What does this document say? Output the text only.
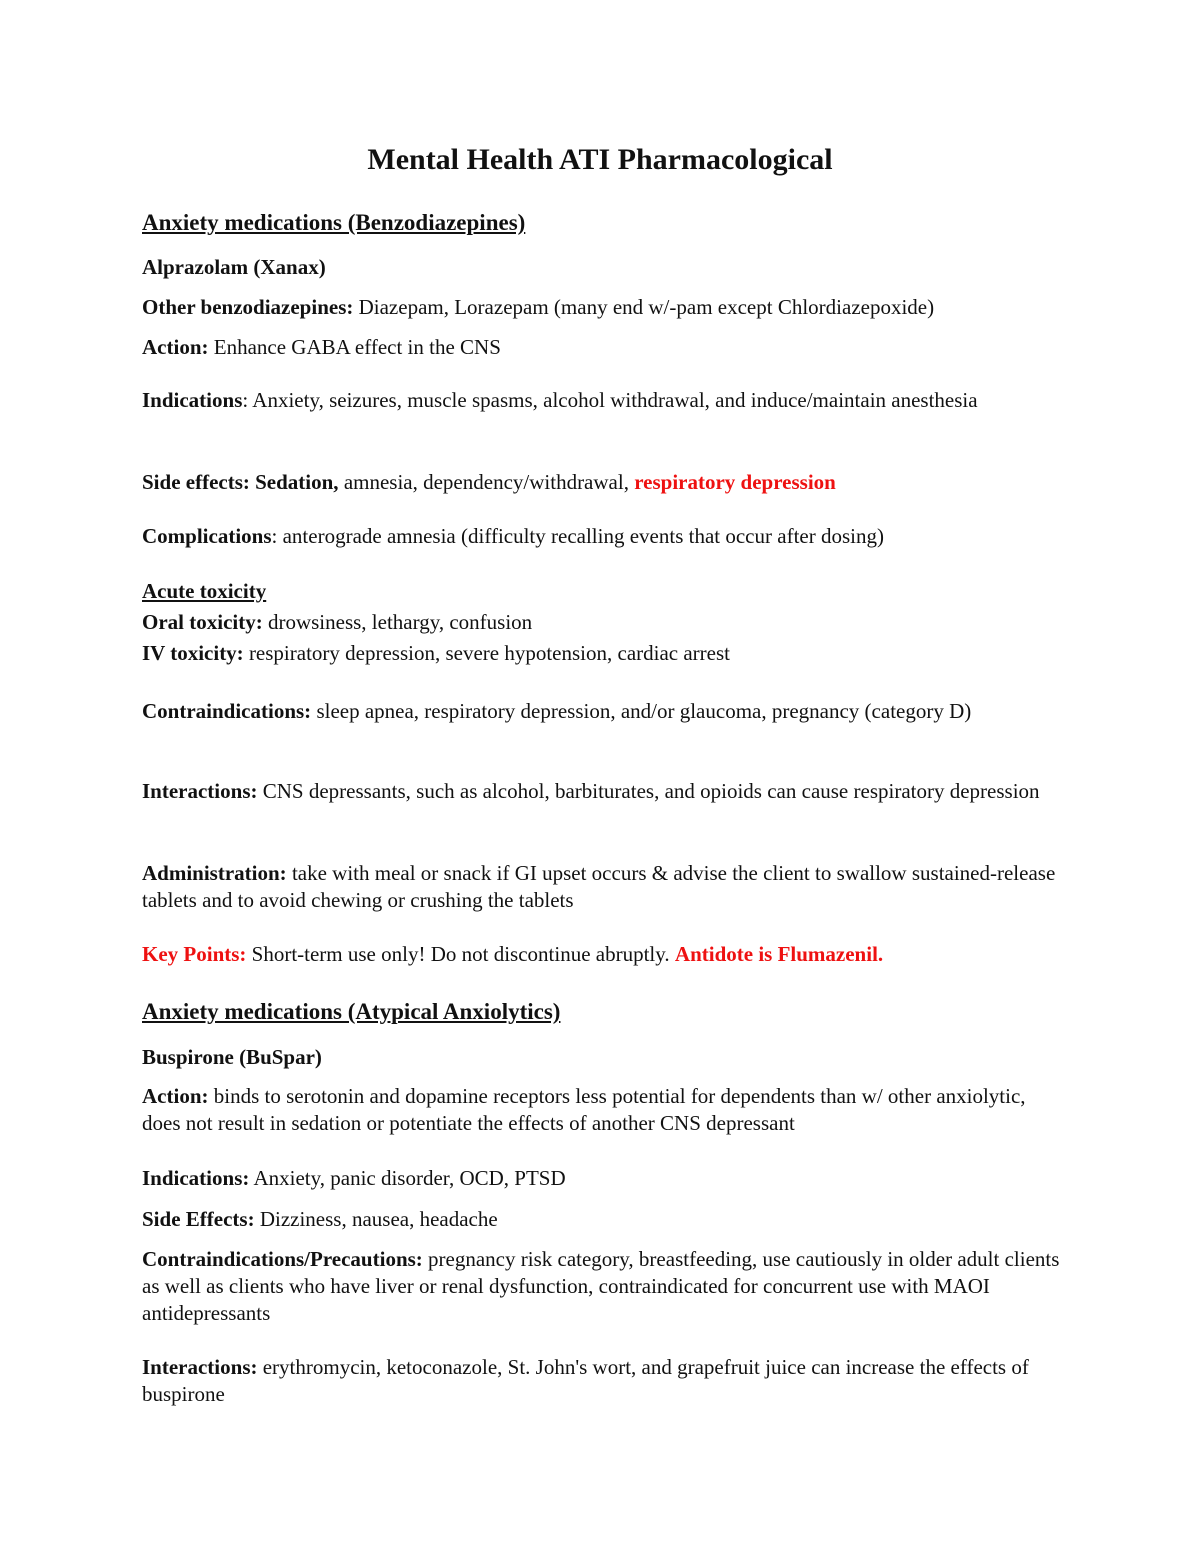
Mental Health ATI Pharmacological
Anxiety medications (Benzodiazepines)
Alprazolam (Xanax)
Other benzodiazepines: Diazepam, Lorazepam (many end w/-pam except Chlordiazepoxide)
Action: Enhance GABA effect in the CNS
Indications: Anxiety, seizures, muscle spasms, alcohol withdrawal, and induce/maintain anesthesia
Side effects: Sedation, amnesia, dependency/withdrawal, respiratory depression
Complications: anterograde amnesia (difficulty recalling events that occur after dosing)
Acute toxicity
Oral toxicity: drowsiness, lethargy, confusion
IV toxicity: respiratory depression, severe hypotension, cardiac arrest
Contraindications: sleep apnea, respiratory depression, and/or glaucoma, pregnancy (category D)
Interactions: CNS depressants, such as alcohol, barbiturates, and opioids can cause respiratory depression
Administration: take with meal or snack if GI upset occurs & advise the client to swallow sustained-release tablets and to avoid chewing or crushing the tablets
Key Points: Short-term use only! Do not discontinue abruptly. Antidote is Flumazenil.
Anxiety medications (Atypical Anxiolytics)
Buspirone (BuSpar)
Action: binds to serotonin and dopamine receptors less potential for dependents than w/ other anxiolytic, does not result in sedation or potentiate the effects of another CNS depressant
Indications: Anxiety, panic disorder, OCD, PTSD
Side Effects: Dizziness, nausea, headache
Contraindications/Precautions: pregnancy risk category, breastfeeding, use cautiously in older adult clients as well as clients who have liver or renal dysfunction, contraindicated for concurrent use with MAOI antidepressants
Interactions: erythromycin, ketoconazole, St. John's wort, and grapefruit juice can increase the effects of buspirone
